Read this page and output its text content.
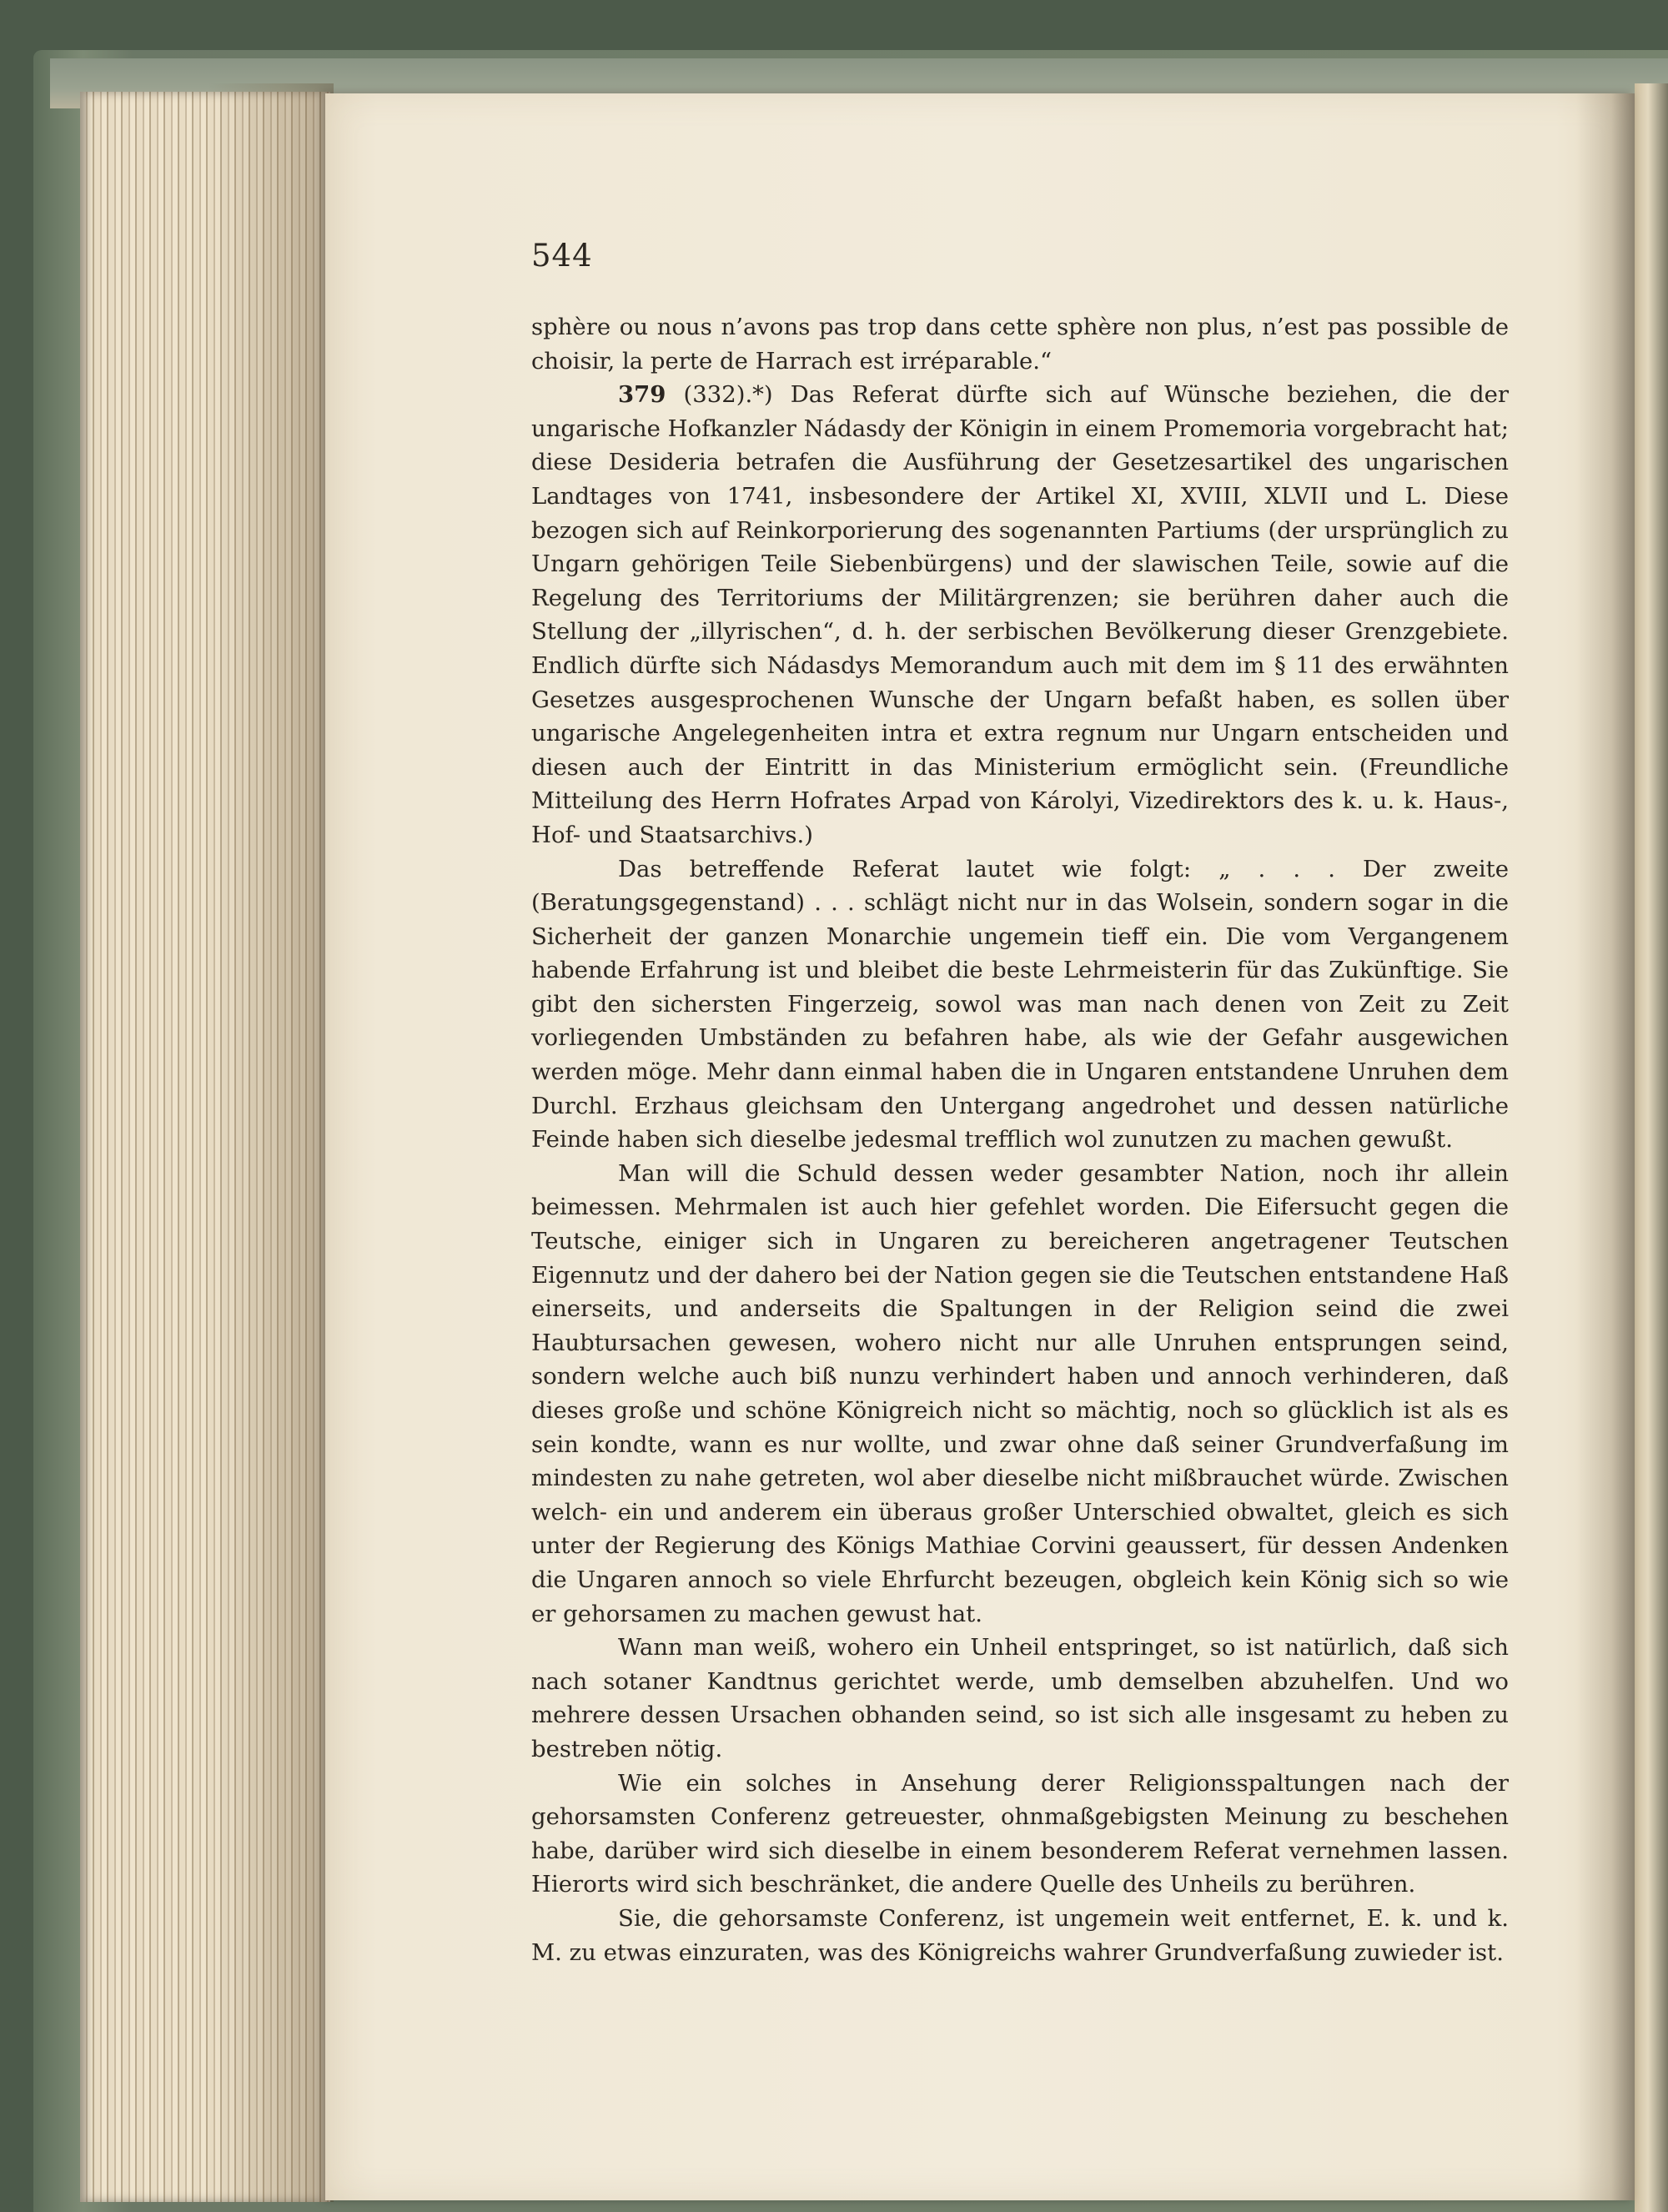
544

sphère ou nous n’avons pas trop dans cette sphère non plus, n’est pas possible de choisir, la perte de Harrach est irréparable.“

379 (332).*) Das Referat dürfte sich auf Wünsche beziehen, die der ungarische Hofkanzler Nádasdy der Königin in einem Promemoria vorgebracht hat; diese Desideria betrafen die Ausführung der Gesetzesartikel des ungarischen Landtages von 1741, insbesondere der Artikel XI, XVIII, XLVII und L. Diese bezogen sich auf Reinkorporierung des sogenannten Partiums (der ursprünglich zu Ungarn gehörigen Teile Siebenbürgens) und der slawischen Teile, sowie auf die Regelung des Territoriums der Militärgrenzen; sie berühren daher auch die Stellung der „illyrischen“, d. h. der serbischen Bevölkerung dieser Grenzgebiete. Endlich dürfte sich Nádasdys Memorandum auch mit dem im § 11 des erwähnten Gesetzes ausgesprochenen Wunsche der Ungarn befaßt haben, es sollen über ungarische Angelegenheiten intra et extra regnum nur Ungarn entscheiden und diesen auch der Eintritt in das Ministerium ermöglicht sein. (Freundliche Mitteilung des Herrn Hofrates Arpad von Károlyi, Vizedirektors des k. u. k. Haus-, Hof- und Staatsarchivs.)

Das betreffende Referat lautet wie folgt: „ . . . Der zweite (Beratungsgegenstand) . . . schlägt nicht nur in das Wolsein, sondern sogar in die Sicherheit der ganzen Monarchie ungemein tieff ein. Die vom Vergangenem habende Erfahrung ist und bleibet die beste Lehrmeisterin für das Zukünftige. Sie gibt den sichersten Fingerzeig, sowol was man nach denen von Zeit zu Zeit vorliegenden Umbständen zu befahren habe, als wie der Gefahr ausgewichen werden möge. Mehr dann einmal haben die in Ungaren entstandene Unruhen dem Durchl. Erzhaus gleichsam den Untergang angedrohet und dessen natürliche Feinde haben sich dieselbe jedesmal trefflich wol zunutzen zu machen gewußt.

Man will die Schuld dessen weder gesambter Nation, noch ihr allein beimessen. Mehrmalen ist auch hier gefehlet worden. Die Eifersucht gegen die Teutsche, einiger sich in Ungaren zu bereicheren angetragener Teutschen Eigennutz und der dahero bei der Nation gegen sie die Teutschen entstandene Haß einerseits, und anderseits die Spaltungen in der Religion seind die zwei Haubtursachen gewesen, wohero nicht nur alle Unruhen entsprungen seind, sondern welche auch biß nunzu verhindert haben und annoch verhinderen, daß dieses große und schöne Königreich nicht so mächtig, noch so glücklich ist als es sein kondte, wann es nur wollte, und zwar ohne daß seiner Grundverfaßung im mindesten zu nahe getreten, wol aber dieselbe nicht mißbrauchet würde. Zwischen welch- ein und anderem ein überaus großer Unterschied obwaltet, gleich es sich unter der Regierung des Königs Mathiae Corvini geaussert, für dessen Andenken die Ungaren annoch so viele Ehrfurcht bezeugen, obgleich kein König sich so wie er gehorsamen zu machen gewust hat.

Wann man weiß, wohero ein Unheil entspringet, so ist natürlich, daß sich nach sotaner Kandtnus gerichtet werde, umb demselben abzuhelfen. Und wo mehrere dessen Ursachen obhanden seind, so ist sich alle insgesamt zu heben zu bestreben nötig.

Wie ein solches in Ansehung derer Religionsspaltungen nach der gehorsamsten Conferenz getreuester, ohnmaßgebigsten Meinung zu beschehen habe, darüber wird sich dieselbe in einem besonderem Referat vernehmen lassen. Hierorts wird sich beschränket, die andere Quelle des Unheils zu berühren.

Sie, die gehorsamste Conferenz, ist ungemein weit entfernet, E. k. und k. M. zu etwas einzuraten, was des Königreichs wahrer Grundverfaßung zuwieder ist.
